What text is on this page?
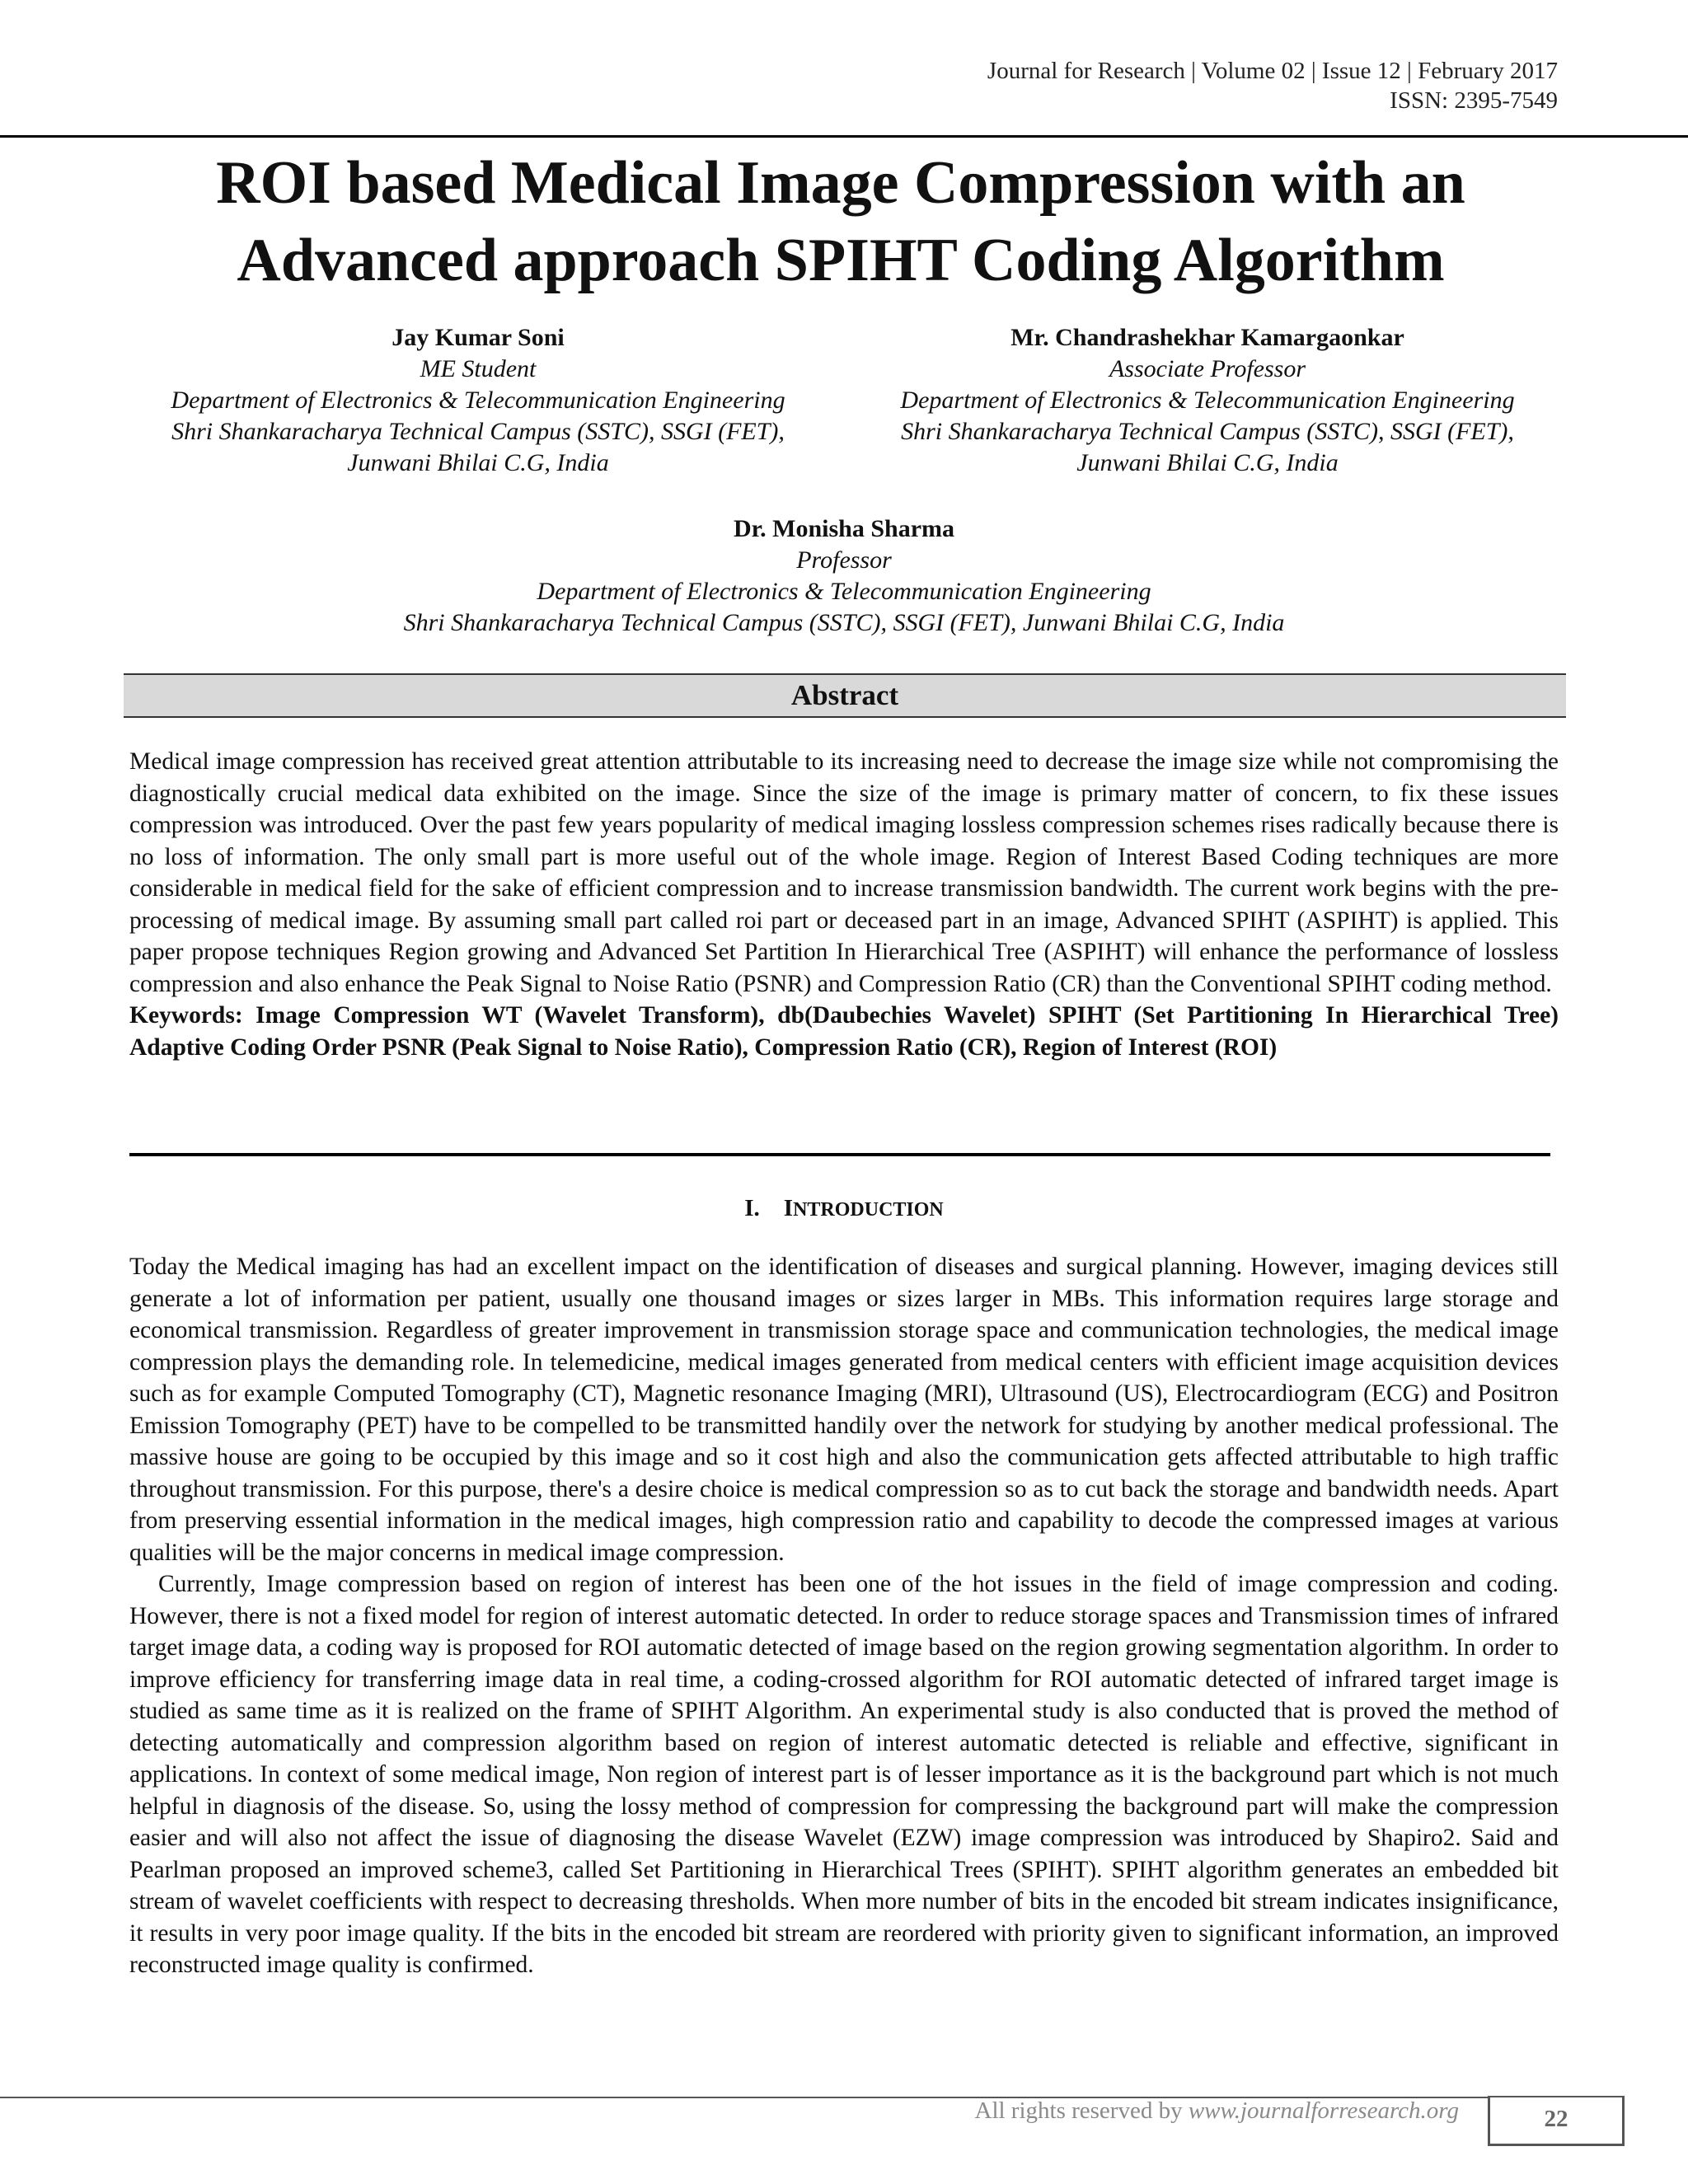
Journal for Research | Volume 02 | Issue 12 | February 2017
ISSN: 2395-7549
ROI based Medical Image Compression with an
Advanced approach SPIHT Coding Algorithm
Jay Kumar Soni
ME Student
Department of Electronics & Telecommunication Engineering
Shri Shankaracharya Technical Campus (SSTC), SSGI (FET),
Junwani Bhilai C.G, India
Mr. Chandrashekhar Kamargaonkar
Associate Professor
Department of Electronics & Telecommunication Engineering
Shri Shankaracharya Technical Campus (SSTC), SSGI (FET),
Junwani Bhilai C.G, India
Dr. Monisha Sharma
Professor
Department of Electronics & Telecommunication Engineering
Shri Shankaracharya Technical Campus (SSTC), SSGI (FET), Junwani Bhilai C.G, India
Abstract
Medical image compression has received great attention attributable to its increasing need to decrease the image size while not compromising the diagnostically crucial medical data exhibited on the image. Since the size of the image is primary matter of concern, to fix these issues compression was introduced. Over the past few years popularity of medical imaging lossless compression schemes rises radically because there is no loss of information. The only small part is more useful out of the whole image. Region of Interest Based Coding techniques are more considerable in medical field for the sake of efficient compression and to increase transmission bandwidth. The current work begins with the pre-processing of medical image. By assuming small part called roi part or deceased part in an image, Advanced SPIHT (ASPIHT) is applied. This paper propose techniques Region growing and Advanced Set Partition In Hierarchical Tree (ASPIHT) will enhance the performance of lossless compression and also enhance the Peak Signal to Noise Ratio (PSNR) and Compression Ratio (CR) than the Conventional SPIHT coding method.
Keywords: Image Compression WT (Wavelet Transform), db(Daubechies Wavelet) SPIHT (Set Partitioning In Hierarchical Tree) Adaptive Coding Order PSNR (Peak Signal to Noise Ratio), Compression Ratio (CR), Region of Interest (ROI)
I. INTRODUCTION

Today the Medical imaging has had an excellent impact on the identification of diseases and surgical planning. However, imaging devices still generate a lot of information per patient, usually one thousand images or sizes larger in MBs. This information requires large storage and economical transmission. Regardless of greater improvement in transmission storage space and communication technologies, the medical image compression plays the demanding role. In telemedicine, medical images generated from medical centers with efficient image acquisition devices such as for example Computed Tomography (CT), Magnetic resonance Imaging (MRI), Ultrasound (US), Electrocardiogram (ECG) and Positron Emission Tomography (PET) have to be compelled to be transmitted handily over the network for studying by another medical professional. The massive house are going to be occupied by this image and so it cost high and also the communication gets affected attributable to high traffic throughout transmission. For this purpose, there's a desire choice is medical compression so as to cut back the storage and bandwidth needs. Apart from preserving essential information in the medical images, high compression ratio and capability to decode the compressed images at various qualities will be the major concerns in medical image compression.

Currently, Image compression based on region of interest has been one of the hot issues in the field of image compression and coding. However, there is not a fixed model for region of interest automatic detected. In order to reduce storage spaces and Transmission times of infrared target image data, a coding way is proposed for ROI automatic detected of image based on the region growing segmentation algorithm. In order to improve efficiency for transferring image data in real time, a coding-crossed algorithm for ROI automatic detected of infrared target image is studied as same time as it is realized on the frame of SPIHT Algorithm. An experimental study is also conducted that is proved the method of detecting automatically and compression algorithm based on region of interest automatic detected is reliable and effective, significant in applications. In context of some medical image, Non region of interest part is of lesser importance as it is the background part which is not much helpful in diagnosis of the disease. So, using the lossy method of compression for compressing the background part will make the compression easier and will also not affect the issue of diagnosing the disease Wavelet (EZW) image compression was introduced by Shapiro2. Said and Pearlman proposed an improved scheme3, called Set Partitioning in Hierarchical Trees (SPIHT). SPIHT algorithm generates an embedded bit stream of wavelet coefficients with respect to decreasing thresholds. When more number of bits in the encoded bit stream indicates insignificance, it results in very poor image quality. If the bits in the encoded bit stream are reordered with priority given to significant information, an improved reconstructed image quality is confirmed.

All rights reserved by www.journalforresearch.org	22
